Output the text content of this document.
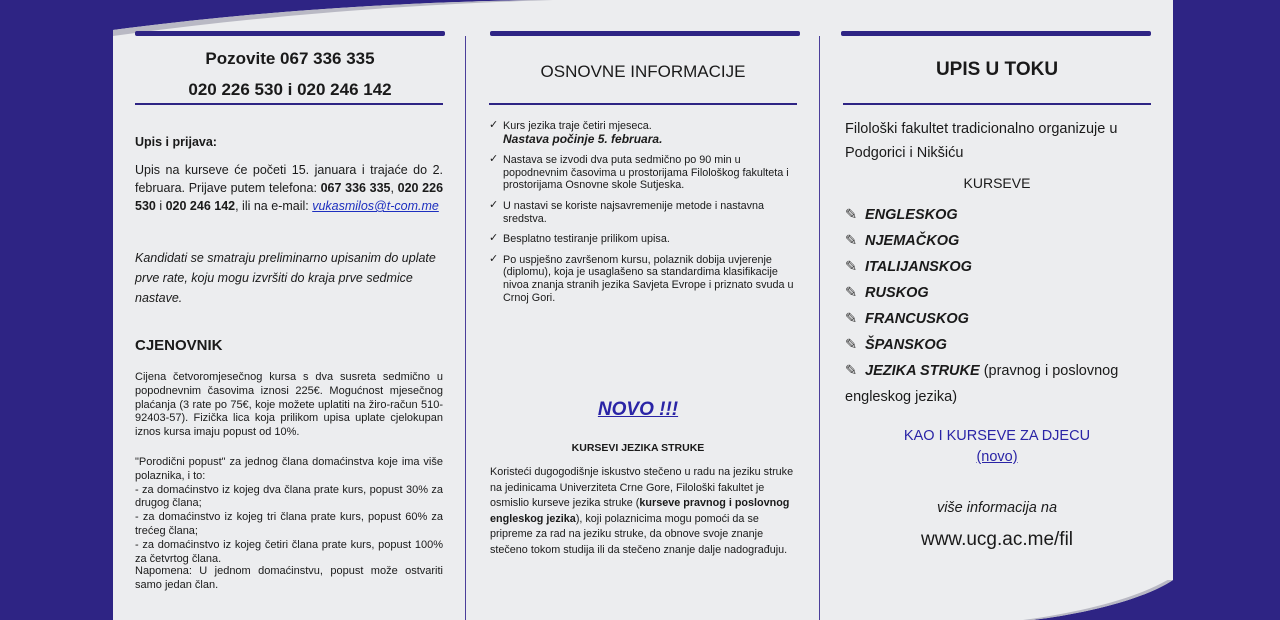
Pozovite 067 336 335
020 226 530 i 020 246 142
Upis i prijava:
Upis na kurseve će početi 15. januara i trajaće do 2. februara. Prijave putem telefona: 067 336 335, 020 226 530 i 020 246 142, ili na e-mail: vukasmilos@t-com.me
Kandidati se smatraju preliminarno upisanim do uplate prve rate, koju mogu izvršiti do kraja prve sedmice nastave.
CJENOVNIK
Cijena četvoromjesečnog kursa s dva susreta sedmično u popodnevnim časovima iznosi 225€. Mogućnost mjesečnog plaćanja (3 rate po 75€, koje možete uplatiti na žiro-račun 510-92403-57). Fizička lica koja prilikom upisa uplate cjelokupan iznos kursa imaju popust od 10%.
"Porodični popust" za jednog člana domaćinstva koje ima više polaznika, i to:
- za domaćinstvo iz kojeg dva člana prate kurs, popust 30% za drugog člana;
- za domaćinstvo iz kojeg tri člana prate kurs, popust 60% za trećeg člana;
- za domaćinstvo iz kojeg četiri člana prate kurs, popust 100% za četvrtog člana.
Napomena: U jednom domaćinstvu, popust može ostvariti samo jedan član.
OSNOVNE INFORMACIJE
✓ Kurs jezika traje četiri mjeseca.
Nastava počinje 5. februara.
✓ Nastava se izvodi dva puta sedmično po 90 min u popodnevnim časovima u prostorijama Filološkog fakulteta i prostorijama Osnovne skole Sutjeska.
✓ U nastavi se koriste najsavremenije metode i nastavna sredstva.
✓ Besplatno testiranje prilikom upisa.
✓ Po uspješno završenom kursu, polaznik dobija uvjerenje (diplomu), koja je usaglašeno sa standardima klasifikacije nivoa znanja stranih jezika Savjeta Evrope i priznato svuda u Crnoj Gori.
NOVO !!!
KURSEVI JEZIKA STRUKE
Koristeći dugogodišnje iskustvo stečeno u radu na jeziku struke na jedinicama Univerziteta Crne Gore, Filološki fakultet je osmislio kurseve jezika struke (kurseve pravnog i poslovnog engleskog jezika), koji polaznicima mogu pomoći da se pripreme za rad na jeziku struke, da obnove svoje znanje stečeno tokom studija ili da stečeno znanje dalje nadograđuju.
UPIS U TOKU
Filološki fakultet tradicionalno organizuje u Podgorici i Nikšiću
KURSEVE
✎ ENGLESKOG
✎ NJEMAČKOG
✎ ITALIJANSKOG
✎ RUSKOG
✎ FRANCUSKOG
✎ ŠPANSKOG
✎ JEZIKA STRUKE (pravnog i poslovnog engleskog jezika)
KAO I KURSEVE ZA DJECU
(novo)
više informacija na
www.ucg.ac.me/fil
